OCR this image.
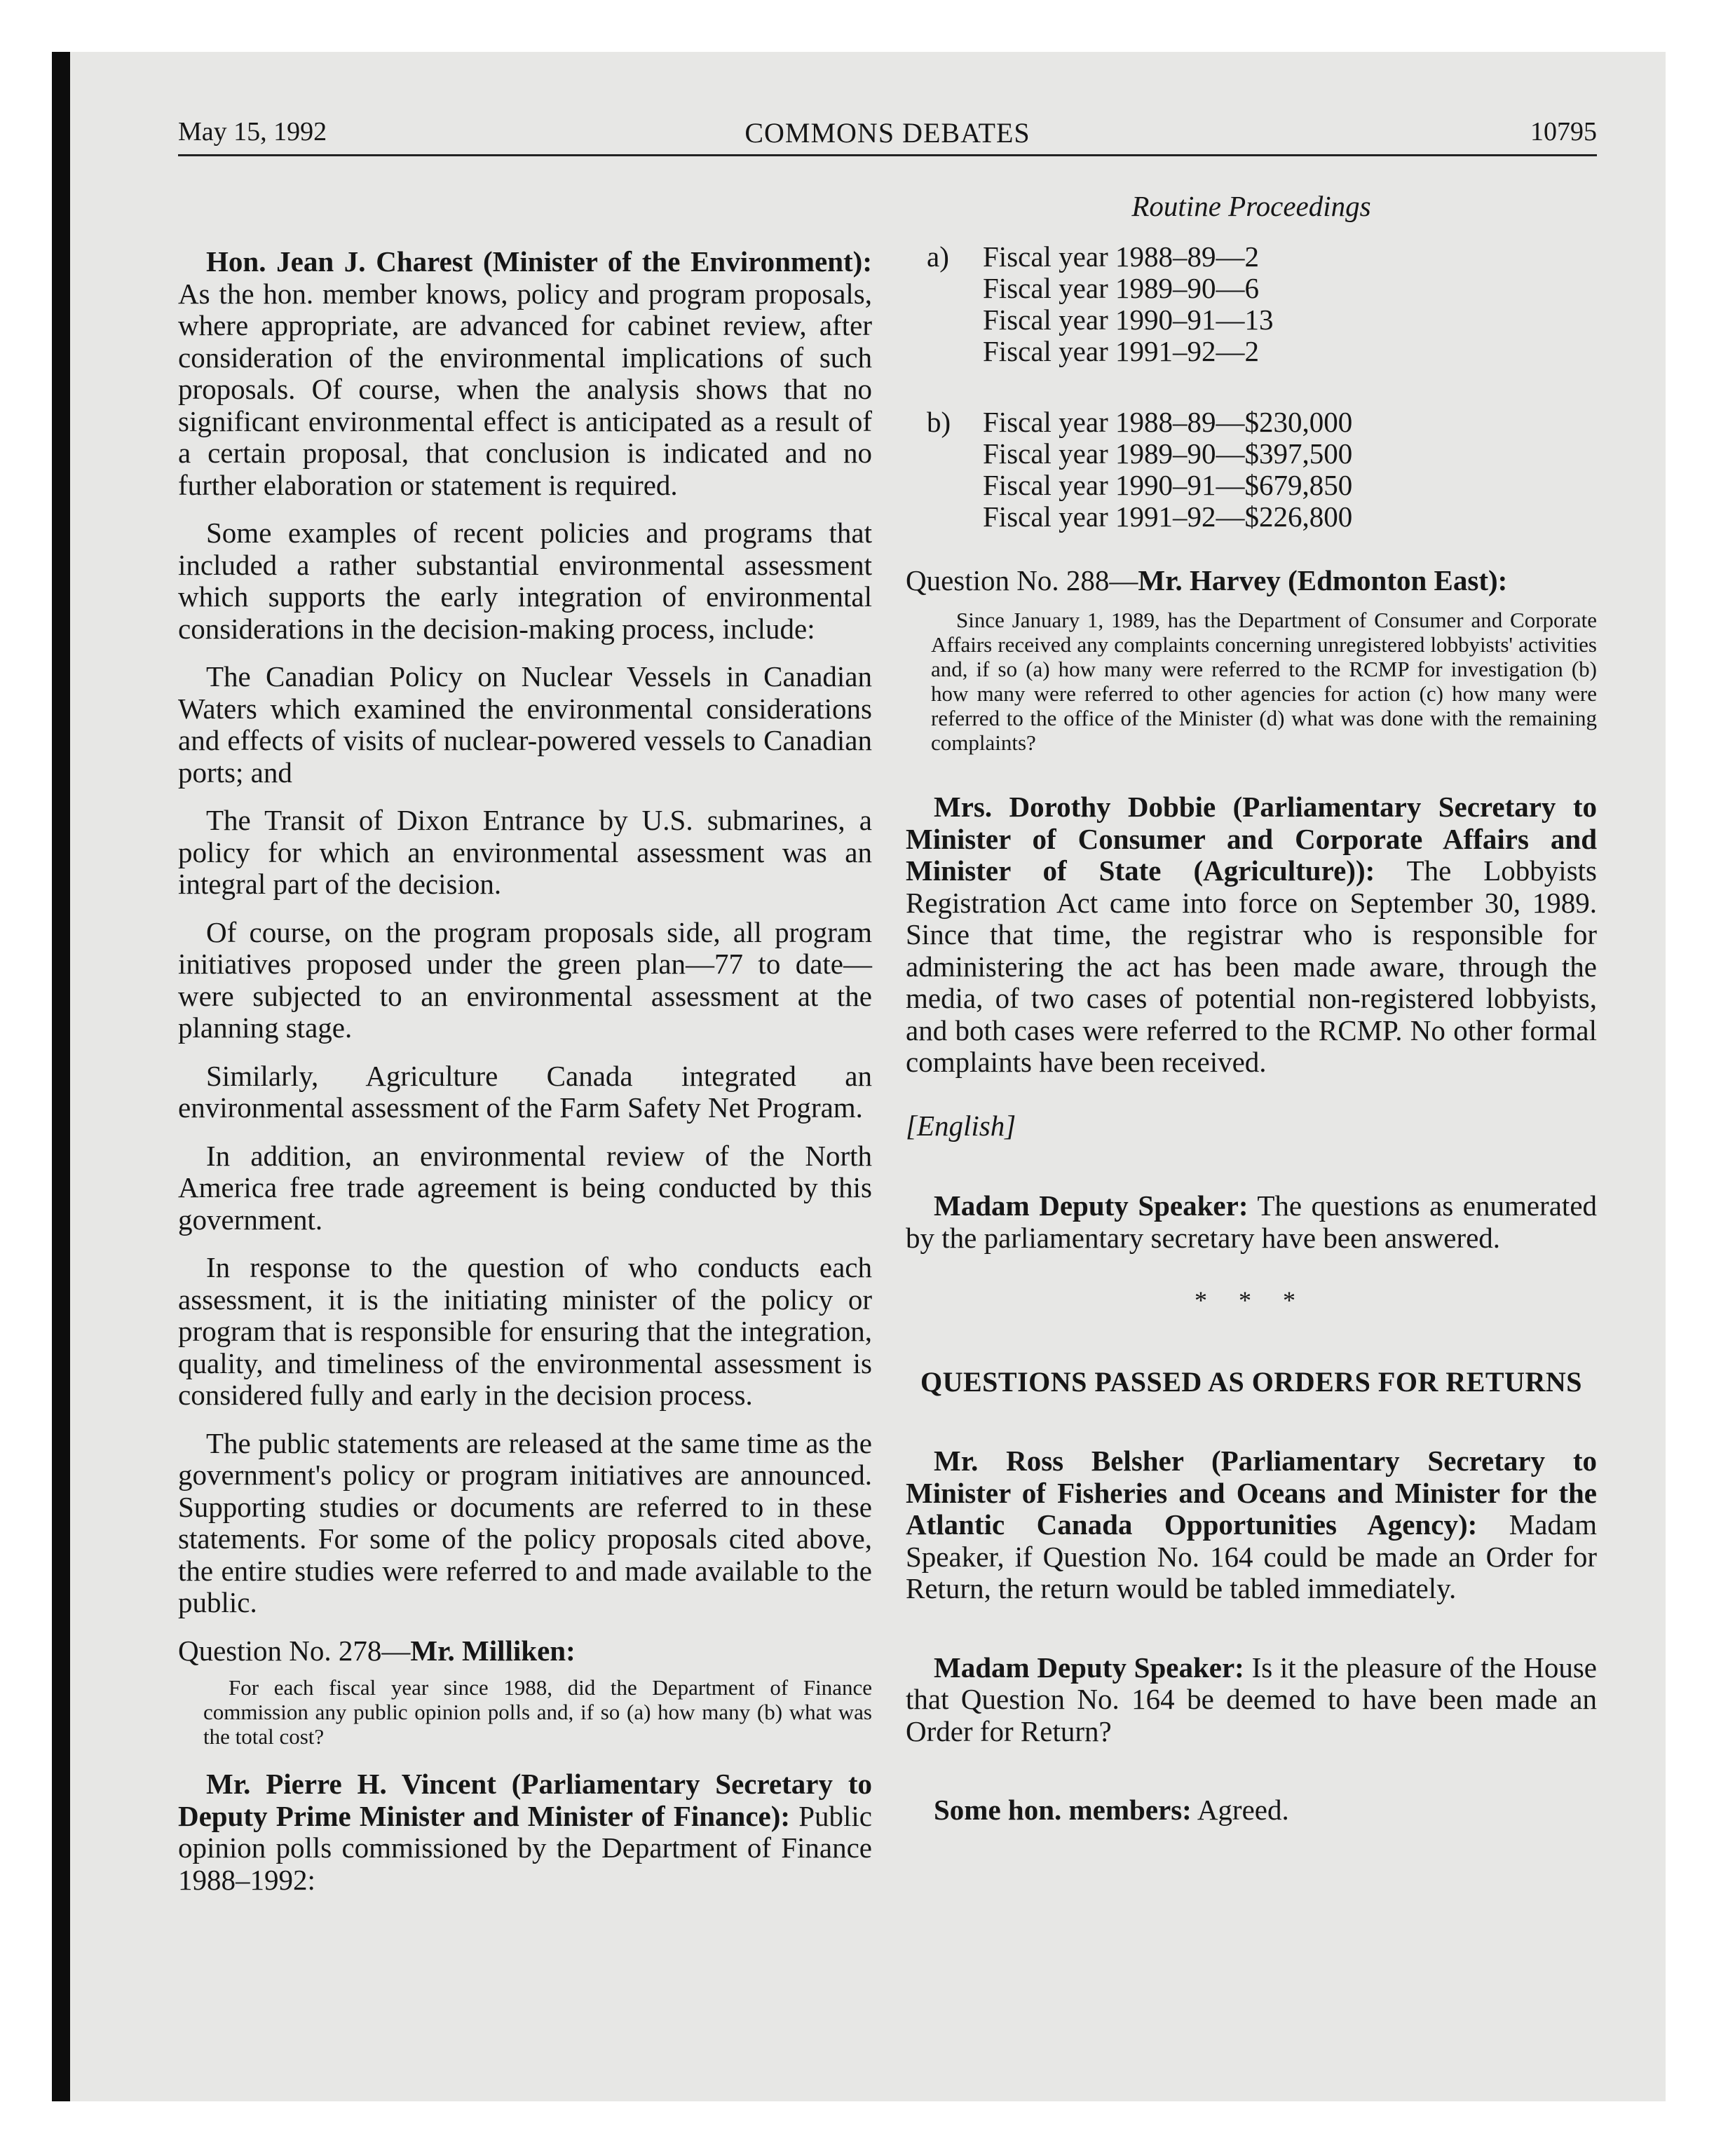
May 15, 1992	COMMONS DEBATES	10795

Hon. Jean J. Charest (Minister of the Environment): As the hon. member knows, policy and program proposals, where appropriate, are advanced for cabinet review, after consideration of the environmental implications of such proposals. Of course, when the analysis shows that no significant environmental effect is anticipated as a result of a certain proposal, that conclusion is indicated and no further elaboration or statement is required.

Some examples of recent policies and programs that included a rather substantial environmental assessment which supports the early integration of environmental considerations in the decision-making process, include:

The Canadian Policy on Nuclear Vessels in Canadian Waters which examined the environmental considerations and effects of visits of nuclear-powered vessels to Canadian ports; and

The Transit of Dixon Entrance by U.S. submarines, a policy for which an environmental assessment was an integral part of the decision.

Of course, on the program proposals side, all program initiatives proposed under the green plan—77 to date—were subjected to an environmental assessment at the planning stage.

Similarly, Agriculture Canada integrated an environmental assessment of the Farm Safety Net Program.

In addition, an environmental review of the North America free trade agreement is being conducted by this government.

In response to the question of who conducts each assessment, it is the initiating minister of the policy or program that is responsible for ensuring that the integration, quality, and timeliness of the environmental assessment is considered fully and early in the decision process.

The public statements are released at the same time as the government's policy or program initiatives are announced. Supporting studies or documents are referred to in these statements. For some of the policy proposals cited above, the entire studies were referred to and made available to the public.

Question No. 278—Mr. Milliken:

For each fiscal year since 1988, did the Department of Finance commission any public opinion polls and, if so (a) how many (b) what was the total cost?

Mr. Pierre H. Vincent (Parliamentary Secretary to Deputy Prime Minister and Minister of Finance): Public opinion polls commissioned by the Department of Finance 1988–1992:

Routine Proceedings
a)	Fiscal year 1988–89—2
Fiscal year 1989–90—6
Fiscal year 1990–91—13
Fiscal year 1991–92—2
b)	Fiscal year 1988–89—$230,000
Fiscal year 1989–90—$397,500
Fiscal year 1990–91—$679,850
Fiscal year 1991–92—$226,800

Question No. 288—Mr. Harvey (Edmonton East):

Since January 1, 1989, has the Department of Consumer and Corporate Affairs received any complaints concerning unregistered lobbyists' activities and, if so (a) how many were referred to the RCMP for investigation (b) how many were referred to other agencies for action (c) how many were referred to the office of the Minister (d) what was done with the remaining complaints?

Mrs. Dorothy Dobbie (Parliamentary Secretary to Minister of Consumer and Corporate Affairs and Minister of State (Agriculture)): The Lobbyists Registration Act came into force on September 30, 1989. Since that time, the registrar who is responsible for administering the act has been made aware, through the media, of two cases of potential non-registered lobbyists, and both cases were referred to the RCMP. No other formal complaints have been received.

[English]

Madam Deputy Speaker: The questions as enumerated by the parliamentary secretary have been answered.

* * *
QUESTIONS PASSED AS ORDERS FOR RETURNS

Mr. Ross Belsher (Parliamentary Secretary to Minister of Fisheries and Oceans and Minister for the Atlantic Canada Opportunities Agency): Madam Speaker, if Question No. 164 could be made an Order for Return, the return would be tabled immediately.

Madam Deputy Speaker: Is it the pleasure of the House that Question No. 164 be deemed to have been made an Order for Return?

Some hon. members: Agreed.
